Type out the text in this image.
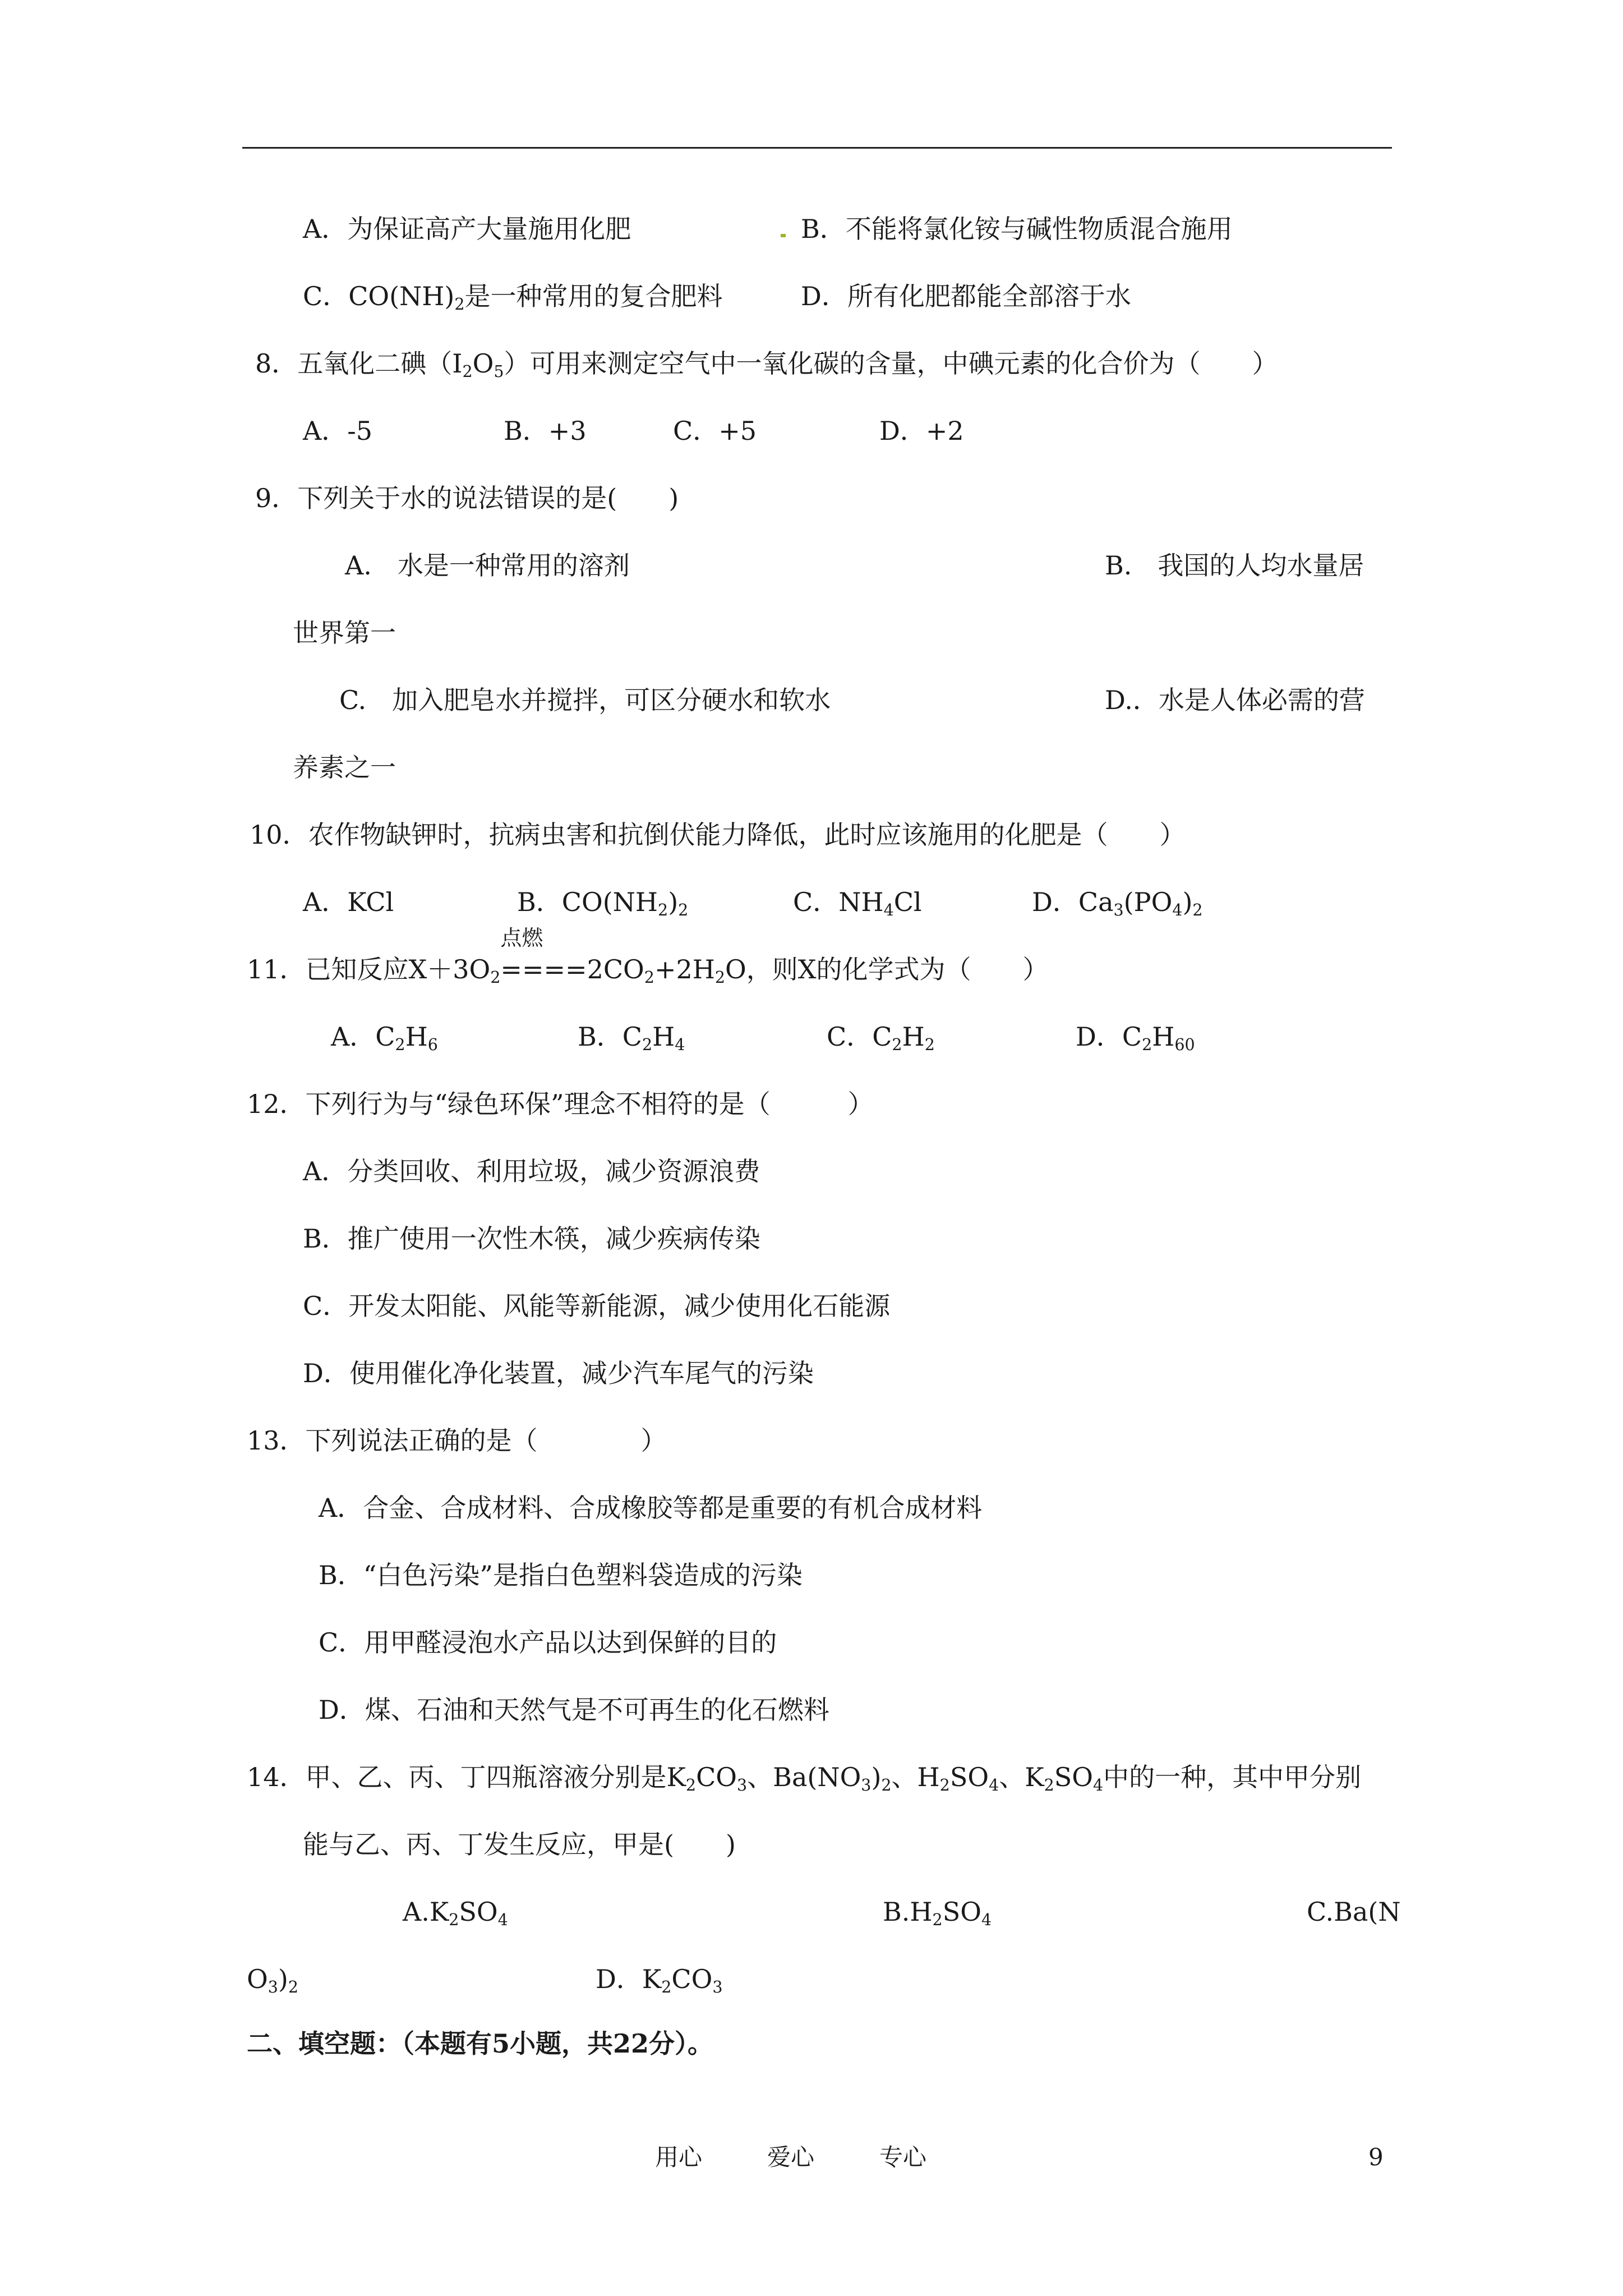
A．为保证高产大量施用化肥	B．不能将氯化铵与碱性物质混合施用
C．$CO(NH)_2$是一种常用的复合肥料	D．所有化肥都能全部溶于水
8．五氧化二碘$(I_2O_5)$可用来测定空气中一氧化碳的含量，中碘元素的化合价为（　　）
A．-5	B．+3	C．+5	D．+2
9．下列关于水的说法错误的是(　　)
A.　水是一种常用的溶剂	B.　我国的人均水量居
世界第一
C.　加入肥皂水并搅拌，可区分硬水和软水	D.．水是人体必需的营
养素之一
10．农作物缺钾时，抗病虫害和抗倒伏能力降低，此时应该施用的化肥是（　　）
A．KCl	B．$CO(NH_2)_2$	C．$NH_4Cl$	D．$Ca_3(PO_4)_2$
11．已知反应$X+3O_2$
点燃
$====2CO_2+2H_2O$，则X的化学式为（　　）
A．$C_2H_6$	B．$C_2H_4$	C．$C_2H_2$	D．$C_2H_{60}$
12．下列行为与“绿色环保”理念不相符的是（　　　）
A．分类回收、利用垃圾，减少资源浪费
B．推广使用一次性木筷，减少疾病传染
C．开发太阳能、风能等新能源，减少使用化石能源
D．使用催化净化装置，减少汽车尾气的污染
13．下列说法正确的是（　　　　）
A．合金、合成材料、合成橡胶等都是重要的有机合成材料
B．“白色污染”是指白色塑料袋造成的污染
C．用甲醛浸泡水产品以达到保鲜的目的
D．煤、石油和天然气是不可再生的化石燃料
14．甲、乙、丙、丁四瓶溶液分别是$K_2CO_3$、$Ba(NO_3)_2$、$H_2SO_4$、$K_2SO_4$中的一种，其中甲分别
能与乙、丙、丁发生反应，甲是(　　)
$A.K_2SO_4$	$B.H_2SO_4$	C.Ba(N
$O_3)_2$	D．$K_2CO_3$
二、填空题：（本题有5小题，共22分）。
用心	爱心	专心	9
